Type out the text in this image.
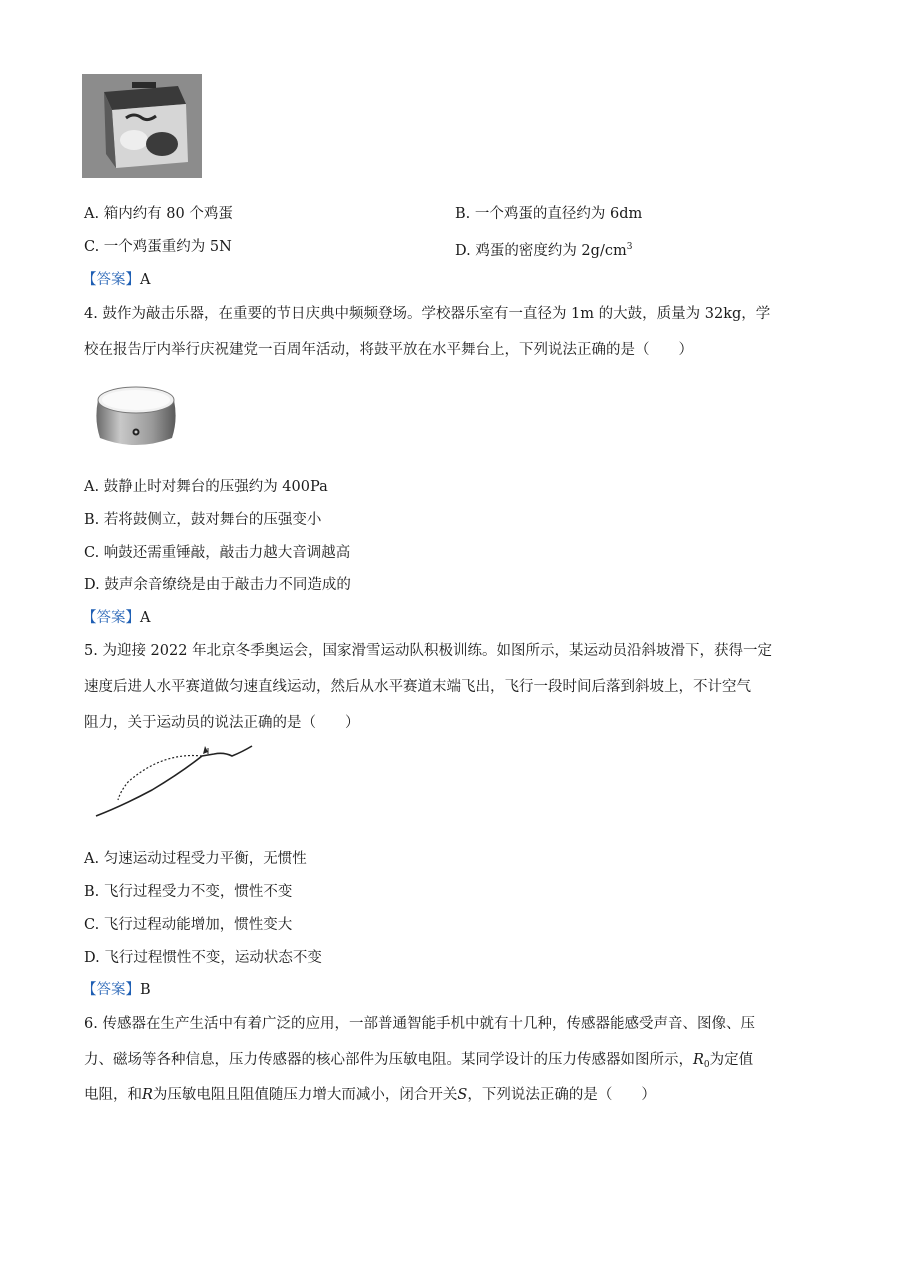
A. 箱内约有 80 个鸡蛋	B. 一个鸡蛋的直径约为 6dm
C. 一个鸡蛋重约为 5N	D. 鸡蛋的密度约为 $2g/cm^3$
【答案】A
4. 鼓作为敲击乐器，在重要的节日庆典中频频登场。学校器乐室有一直径为 1m 的大鼓，质量为 32kg，学
校在报告厅内举行庆祝建党一百周年活动，将鼓平放在水平舞台上，下列说法正确的是（　　）
A. 鼓静止时对舞台的压强约为 400Pa
B. 若将鼓侧立，鼓对舞台的压强变小
C. 响鼓还需重锤敲，敲击力越大音调越高
D. 鼓声余音缭绕是由于敲击力不同造成的
【答案】A
5. 为迎接 2022 年北京冬季奥运会，国家滑雪运动队积极训练。如图所示，某运动员沿斜坡滑下，获得一定
速度后进人水平赛道做匀速直线运动，然后从水平赛道末端飞出，飞行一段时间后落到斜坡上，不计空气
阻力，关于运动员的说法正确的是（　　）
A. 匀速运动过程受力平衡，无惯性
B. 飞行过程受力不变，惯性不变
C. 飞行过程动能增加，惯性变大
D. 飞行过程惯性不变，运动状态不变
【答案】B
6. 传感器在生产生活中有着广泛的应用，一部普通智能手机中就有十几种，传感器能感受声音、图像、压
力、磁场等各种信息，压力传感器的核心部件为压敏电阻。某同学设计的压力传感器如图所示，$R_0$为定值
电阻，和R为压敏电阻且阻值随压力增大而减小，闭合开关S，下列说法正确的是（　　）
